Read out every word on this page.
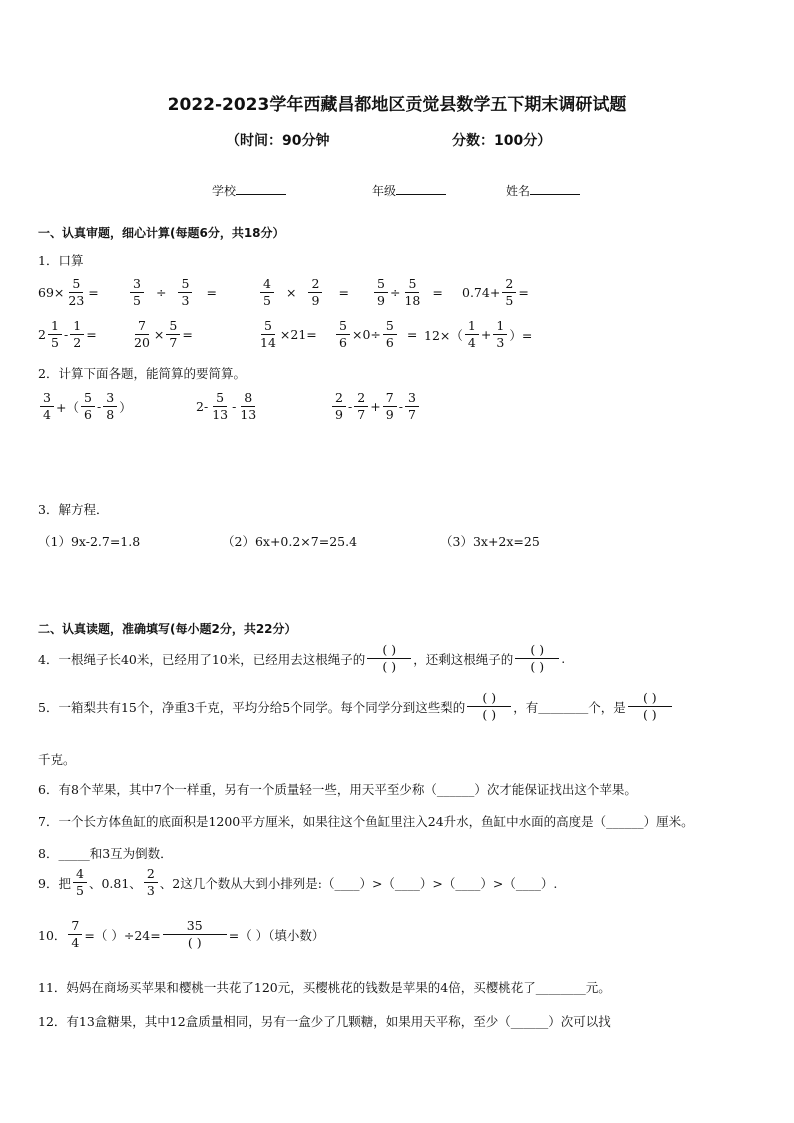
2022-2023学年西藏昌都地区贡觉县数学五下期末调研试题
（时间：90分钟	分数：100分）
学校	年级	姓名
一、认真审题，细心计算(每题6分，共18分）
1．口算
$69\times \frac{5}{23} = \frac{3}{5} \div \frac{5}{3}$ =	$\frac{4}{5} \times \frac{2}{9} = \frac{5}{9} \div \frac{5}{18} = 0.74+ \frac{2}{5}$ =
$2 \frac{1}{5} - \frac{1}{2}$ =	$\frac{7}{20} \times \frac{5}{7}$ =	$\frac{5}{14} \times 21= \frac{5}{6} \times 0\div \frac{5}{6} = 12\times( \frac{1}{4} + \frac{1}{3}$ ）=
2．计算下面各题，能简算的要简算。
$\frac{3}{4}$ +（ $\frac{5}{6} - \frac{3}{8}$ ）	$2- \frac{5}{13} - \frac{8}{13}$	$\frac{2}{9} - \frac{2}{7} + \frac{7}{9} - \frac{3}{7}$
3．解方程．
（1）9x-2.7=1.8	（2）6x+0.2×7=25.4	（3）3x+2x=25
二、认真读题，准确填写(每小题2分，共22分）
4．一根绳子长40米，已经用了10米，已经用去这根绳子的 $\frac{( )}{( )}$ ，还剩这根绳子的 $\frac{( )}{( )}$ .
5．一箱梨共有15个，净重3千克，平均分给5个同学。每个同学分到这些梨的 $\frac{( )}{( )}$ ，有 ________ 个，是 $\frac{( )}{( )}$
千克。
6．有8个苹果，其中7个一样重，另有一个质量轻一些，用天平至少称（______）次才能保证找出这个苹果。
7．一个长方体鱼缸的底面积是1200平方厘米，如果往这个鱼缸里注入24升水，鱼缸中水面的高度是（______）厘米。
8．_____和3互为倒数．
9．把 $\frac{4}{5}$ 、0.81、 $\frac{2}{3}$ 、2这几个数从大到小排列是:（____）>（____）>（____）>（____）.
10． $\frac{7}{4}$ =（ ）$\div 24= \frac{35}{( )}$ =（ ）（填小数）
11．妈妈在商场买苹果和樱桃一共花了120元，买樱桃花的钱数是苹果的4倍，买樱桃花了________元。
12．有13盒糖果，其中12盒质量相同，另有一盒少了几颗糖，如果用天平称，至少（______）次可以找
